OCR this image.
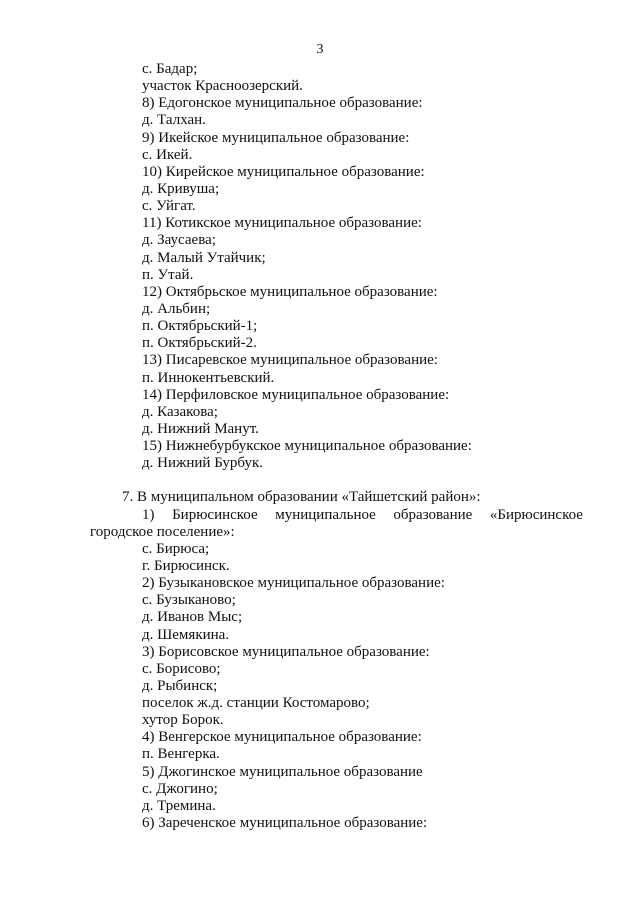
3
с. Бадар;
участок Красноозерский.
8) Едогонское муниципальное образование:
д. Талхан.
9) Икейское муниципальное образование:
с. Икей.
10) Кирейское муниципальное образование:
д. Кривуша;
с. Уйгат.
11) Котикское муниципальное образование:
д. Заусаева;
д. Малый Утайчик;
п. Утай.
12) Октябрьское муниципальное образование:
д. Альбин;
п. Октябрьский-1;
п. Октябрьский-2.
13) Писаревское муниципальное образование:
п. Иннокентьевский.
14) Перфиловское муниципальное образование:
д. Казакова;
д. Нижний Манут.
15) Нижнебурбукское муниципальное образование:
д. Нижний Бурбук.
7. В муниципальном образовании «Тайшетский район»:
1) Бирюсинское муниципальное образование «Бирюсинское
городское поселение»:
с. Бирюса;
г. Бирюсинск.
2) Бузыкановское муниципальное образование:
с. Бузыканово;
д. Иванов Мыс;
д. Шемякина.
3) Борисовское муниципальное образование:
с. Борисово;
д. Рыбинск;
поселок ж.д. станции Костомарово;
хутор Борок.
4) Венгерское муниципальное образование:
п. Венгерка.
5) Джогинское муниципальное образование
с. Джогино;
д. Тремина.
6) Зареченское муниципальное образование:
